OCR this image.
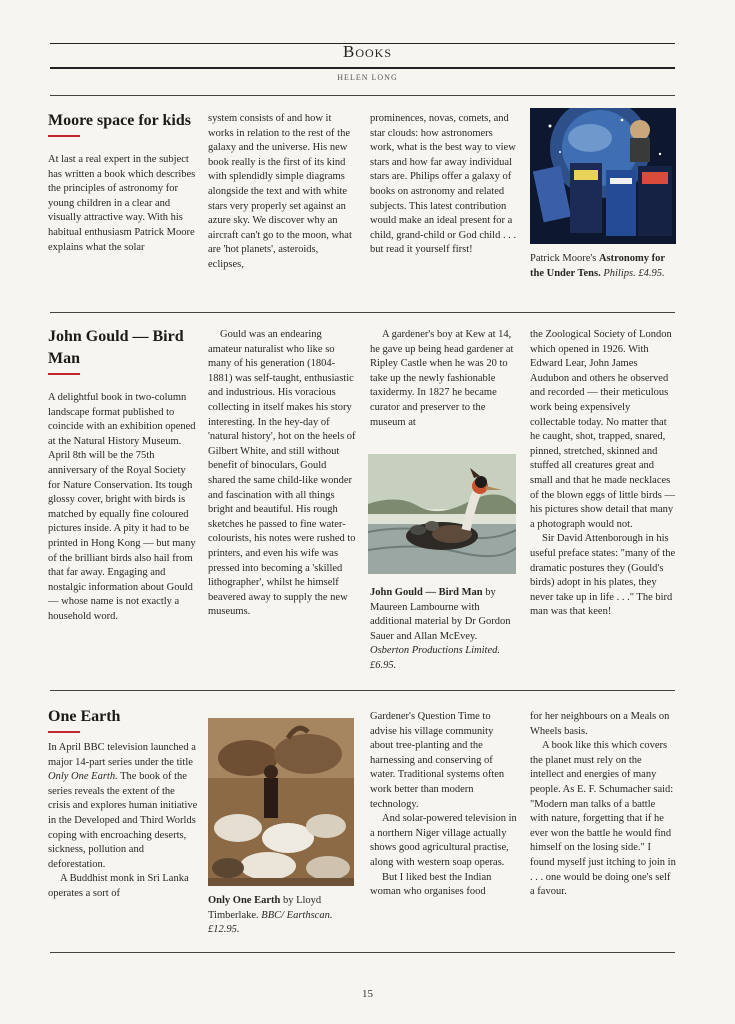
Books
HELEN LONG
Moore space for kids

At last a real expert in the subject has written a book which describes the principles of astronomy for young children in a clear and visually attractive way. With his habitual enthusiasm Patrick Moore explains what the solar

system consists of and how it works in relation to the rest of the galaxy and the universe. His new book really is the first of its kind with splendidly simple diagrams alongside the text and with white stars very properly set against an azure sky. We discover why an aircraft can't go to the moon, what are 'hot planets', asteroids, eclipses,

prominences, novas, comets, and star clouds: how astronomers work, what is the best way to view stars and how far away individual stars are. Philips offer a galaxy of books on astronomy and related subjects. This latest contribution would make an ideal present for a child, grand-child or God child . . . but read it yourself first!

Patrick Moore's Astronomy for the Under Tens. Philips. £4.95.

John Gould — Bird Man

A delightful book in two-column landscape format published to coincide with an exhibition opened at the Natural History Museum. April 8th will be the 75th anniversary of the Royal Society for Nature Conservation. Its tough glossy cover, bright with birds is matched by equally fine coloured pictures inside. A pity it had to be printed in Hong Kong — but many of the brilliant birds also hail from that far away. Engaging and nostalgic information about Gould — whose name is not exactly a household word.

Gould was an endearing amateur naturalist who like so many of his generation (1804-1881) was self-taught, enthusiastic and industrious. His voracious collecting in itself makes his story interesting. In the hey-day of 'natural history', hot on the heels of Gilbert White, and still without benefit of binoculars, Gould shared the same child-like wonder and fascination with all things bright and beautiful. His rough sketches he passed to fine water-colourists, his notes were rushed to printers, and even his wife was pressed into becoming a 'skilled lithographer', whilst he himself beavered away to supply the new museums.

A gardener's boy at Kew at 14, he gave up being head gardener at Ripley Castle when he was 20 to take up the newly fashionable taxidermy. In 1827 he became curator and preserver to the museum at

John Gould — Bird Man by Maureen Lambourne with additional material by Dr Gordon Sauer and Allan McEvey. Osberton Productions Limited. £6.95.

the Zoological Society of London which opened in 1926. With Edward Lear, John James Audubon and others he observed and recorded — their meticulous work being expensively collectable today. No matter that he caught, shot, trapped, snared, pinned, stretched, skinned and stuffed all creatures great and small and that he made necklaces of the blown eggs of little birds — his pictures show detail that many a photograph would not.

Sir David Attenborough in his useful preface states: "many of the dramatic postures they (Gould's birds) adopt in his plates, they never take up in life . . ." The bird man was that keen!

One Earth

In April BBC television launched a major 14-part series under the title Only One Earth. The book of the series reveals the extent of the crisis and explores human initiative in the Developed and Third Worlds coping with encroaching deserts, sickness, pollution and deforestation.

A Buddhist monk in Sri Lanka operates a sort of

Only One Earth by Lloyd Timberlake. BBC/ Earthscan. £12.95.

Gardener's Question Time to advise his village community about tree-planting and the harnessing and conserving of water. Traditional systems often work better than modern technology.

And solar-powered television in a northern Niger village actually shows good agricultural practise, along with western soap operas.

But I liked best the Indian woman who organises food

for her neighbours on a Meals on Wheels basis.

A book like this which covers the planet must rely on the intellect and energies of many people. As E. F. Schumacher said: "Modern man talks of a battle with nature, forgetting that if he ever won the battle he would find himself on the losing side." I found myself just itching to join in . . . one would be doing one's self a favour.

15
